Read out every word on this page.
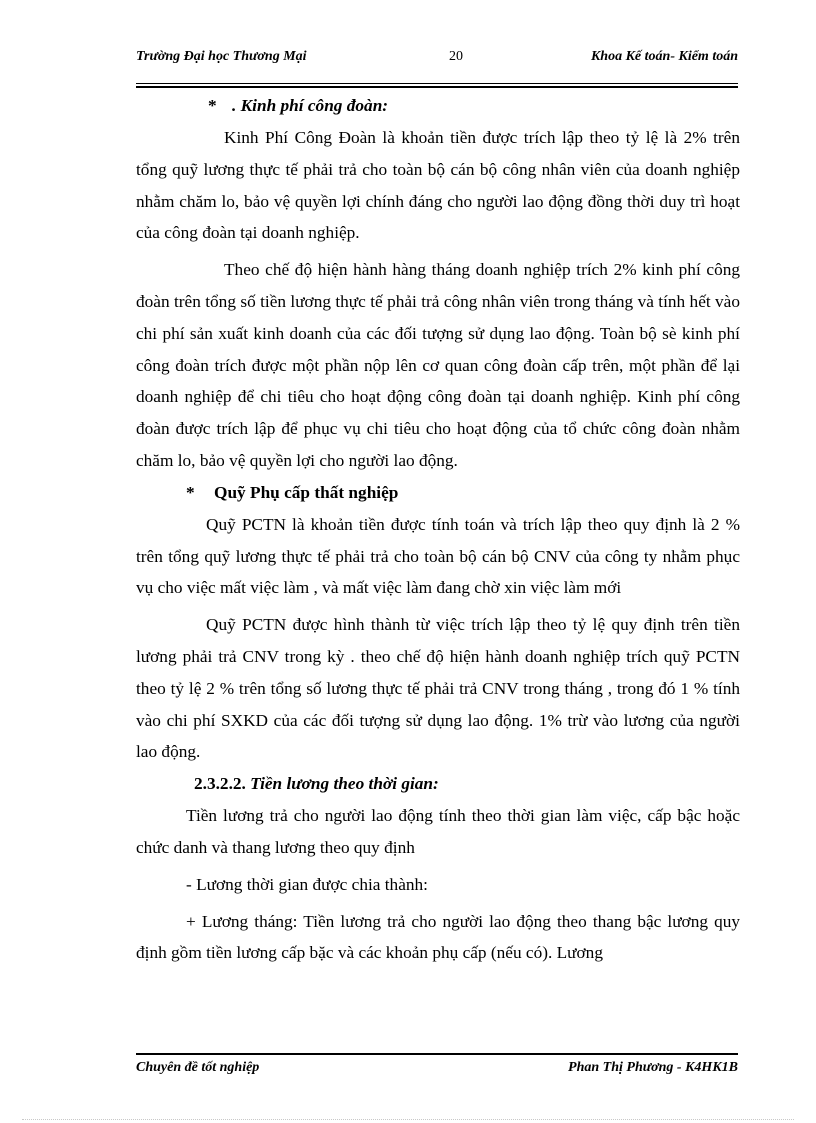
Trường Đại học Thương Mại	20	Khoa Kế toán- Kiểm toán
* . Kinh phí công đoàn:

Kinh Phí Công Đoàn là khoản tiền được trích lập theo tỷ lệ là 2% trên tổng quỹ lương thực tế phải trả cho toàn bộ cán bộ công nhân viên của doanh nghiệp nhằm chăm lo, bảo vệ quyền lợi chính đáng cho người lao động đồng thời duy trì hoạt của công đoàn tại doanh nghiệp.

Theo chế độ hiện hành hàng tháng doanh nghiệp trích 2% kinh phí công đoàn trên tổng số tiền lương thực tế phải trả công nhân viên trong tháng và tính hết vào chi phí sản xuất kinh doanh của các đối tượng sử dụng lao động. Toàn bộ sè kinh phí công đoàn trích được một phần nộp lên cơ quan công đoàn cấp trên, một phần để lại doanh nghiệp để chi tiêu cho hoạt động công đoàn tại doanh nghiệp. Kinh phí công đoàn được trích lập để phục vụ chi tiêu cho hoạt động của tổ chức công đoàn nhằm chăm lo, bảo vệ quyền lợi cho người lao động.

* Quỹ Phụ cấp thất nghiệp

Quỹ PCTN là khoản tiền được tính toán và trích lập theo quy định là 2 % trên tổng quỹ lương thực tế phải trả cho toàn bộ cán bộ CNV của công ty nhằm phục vụ cho việc mất việc làm , và mất việc làm đang chờ xin việc làm mới

Quỹ PCTN được hình thành từ việc trích lập theo tỷ lệ quy định trên tiền lương phải trả CNV trong kỳ . theo chế độ hiện hành doanh nghiệp trích quỹ PCTN theo tỷ lệ 2 % trên tổng số lương thực tế phải trả CNV trong tháng , trong đó 1 % tính vào chi phí SXKD của các đối tượng sử dụng lao động. 1% trừ vào lương của người lao động.

2.3.2.2. Tiền lương theo thời gian:

Tiền lương trả cho người lao động tính theo thời gian làm việc, cấp bậc hoặc chức danh và thang lương theo quy định

- Lương thời gian được chia thành:

+ Lương tháng: Tiền lương trả cho người lao động theo thang bậc lương quy định gồm tiền lương cấp bặc và các khoản phụ cấp (nếu có). Lương

Chuyên đề tốt nghiệp	Phan Thị Phương - K4HK1B
